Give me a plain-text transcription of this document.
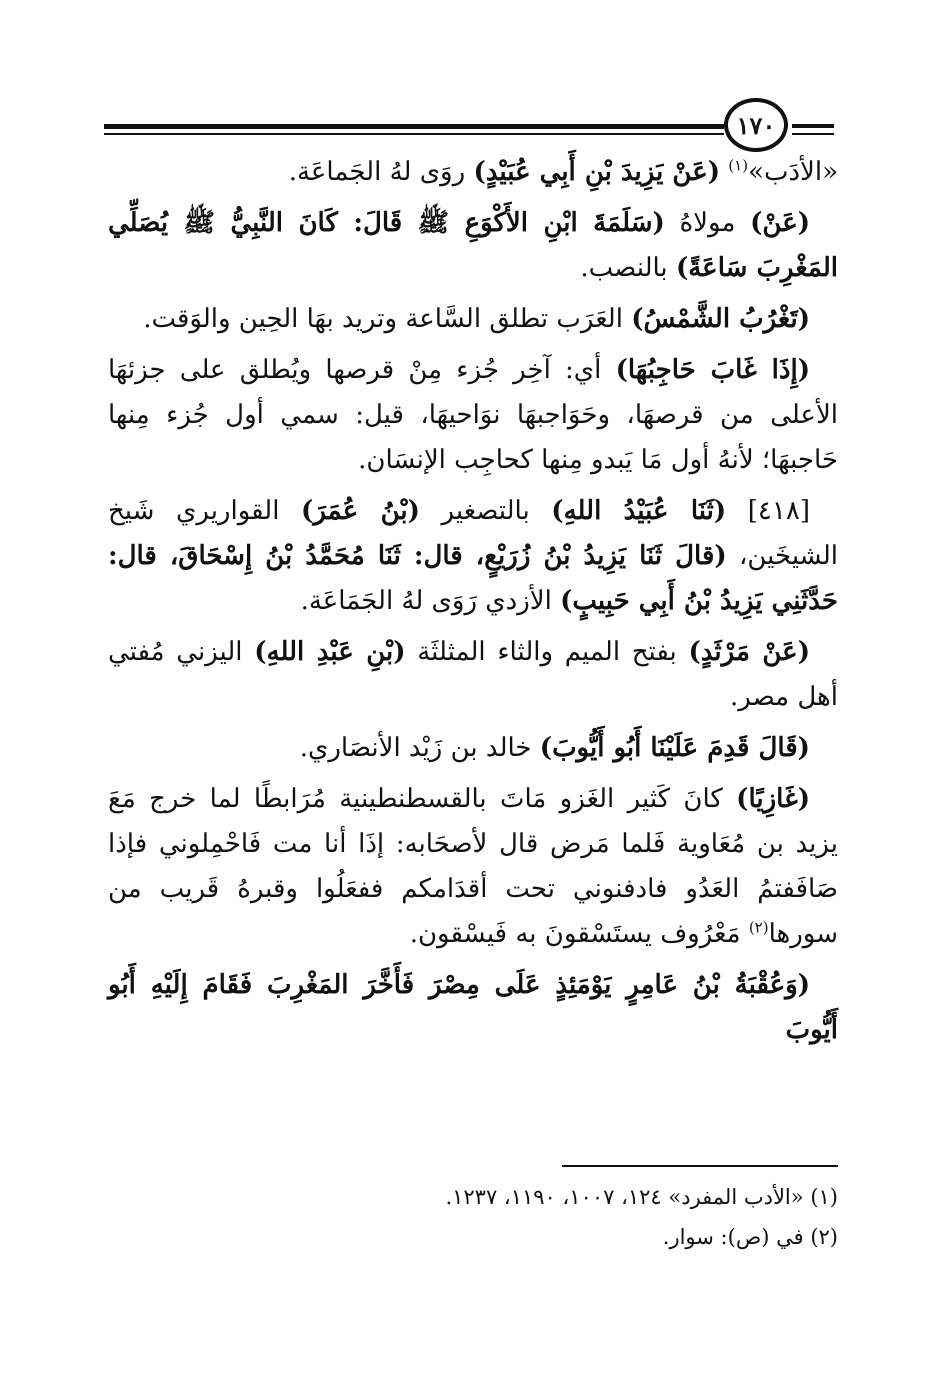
١٧٠

«الأدَب»$^{(١)}$ (عَنْ يَزِيدَ بْنِ أَبِي عُبَيْدٍ) روَى لهُ الجَماعَة.

(عَنْ) مولاهُ (سَلَمَةَ ابْنِ الأَكْوَعِ ﷺ قَالَ: كَانَ النَّبِيُّ ﷺ يُصَلِّي المَغْرِبَ سَاعَةً) بالنصب.

(تَغْرُبُ الشَّمْسُ) العَرَب تطلق السَّاعة وتريد بهَا الحِين والوَقت.

(إِذَا غَابَ حَاجِبُهَا) أي: آخِر جُزء مِنْ قرصها ويُطلق على جزئهَا الأعلى من قرصهَا، وحَوَاجبهَا نوَاحيهَا، قيل: سمي أول جُزء مِنها حَاجبهَا؛ لأنهُ أول مَا يَبدو مِنها كحاجِب الإنسَان.

[٤١٨] (ثَنَا عُبَيْدُ اللهِ) بالتصغير (بْنُ عُمَرَ) القواريري شَيخ الشيخَين، (قالَ ثَنَا يَزِيدُ بْنُ زُرَيْعٍ، قال: ثَنَا مُحَمَّدُ بْنُ إِسْحَاقَ، قال: حَدَّثَنِي يَزِيدُ بْنُ أَبِي حَبِيبٍ) الأزدي رَوَى لهُ الجَمَاعَة.

(عَنْ مَرْثَدٍ) بفتح الميم والثاء المثلثَة (بْنِ عَبْدِ اللهِ) اليزني مُفتي أهل مصر.

(قَالَ قَدِمَ عَلَيْنَا أَبُو أَيُّوبَ) خالد بن زَيْد الأنصَاري.

(غَازِيًا) كانَ كَثير الغَزو مَاتَ بالقسطنطينية مُرَابطًا لما خرج مَعَ يزيد بن مُعَاوية فَلما مَرض قال لأصحَابه: إذَا أنا مت فَاحْمِلوني فإذا صَافَفتمُ العَدُو فادفنوني تحت أقدَامكم ففعَلُوا وقبرهُ قَريب من سورها$^{(٢)}$ مَعْرُوف يستَسْقونَ به فَيسْقون.

(وَعُقْبَةُ بْنُ عَامِرٍ يَوْمَئِذٍ عَلَى مِصْرَ فَأَخَّرَ المَغْرِبَ فَقَامَ إِلَيْهِ أَبُو أَيُّوبَ

(١) «الأدب المفرد» ١٢٤، ١٠٠٧، ١١٩٠، ١٢٣٧.

(٢) في (ص): سوار.
